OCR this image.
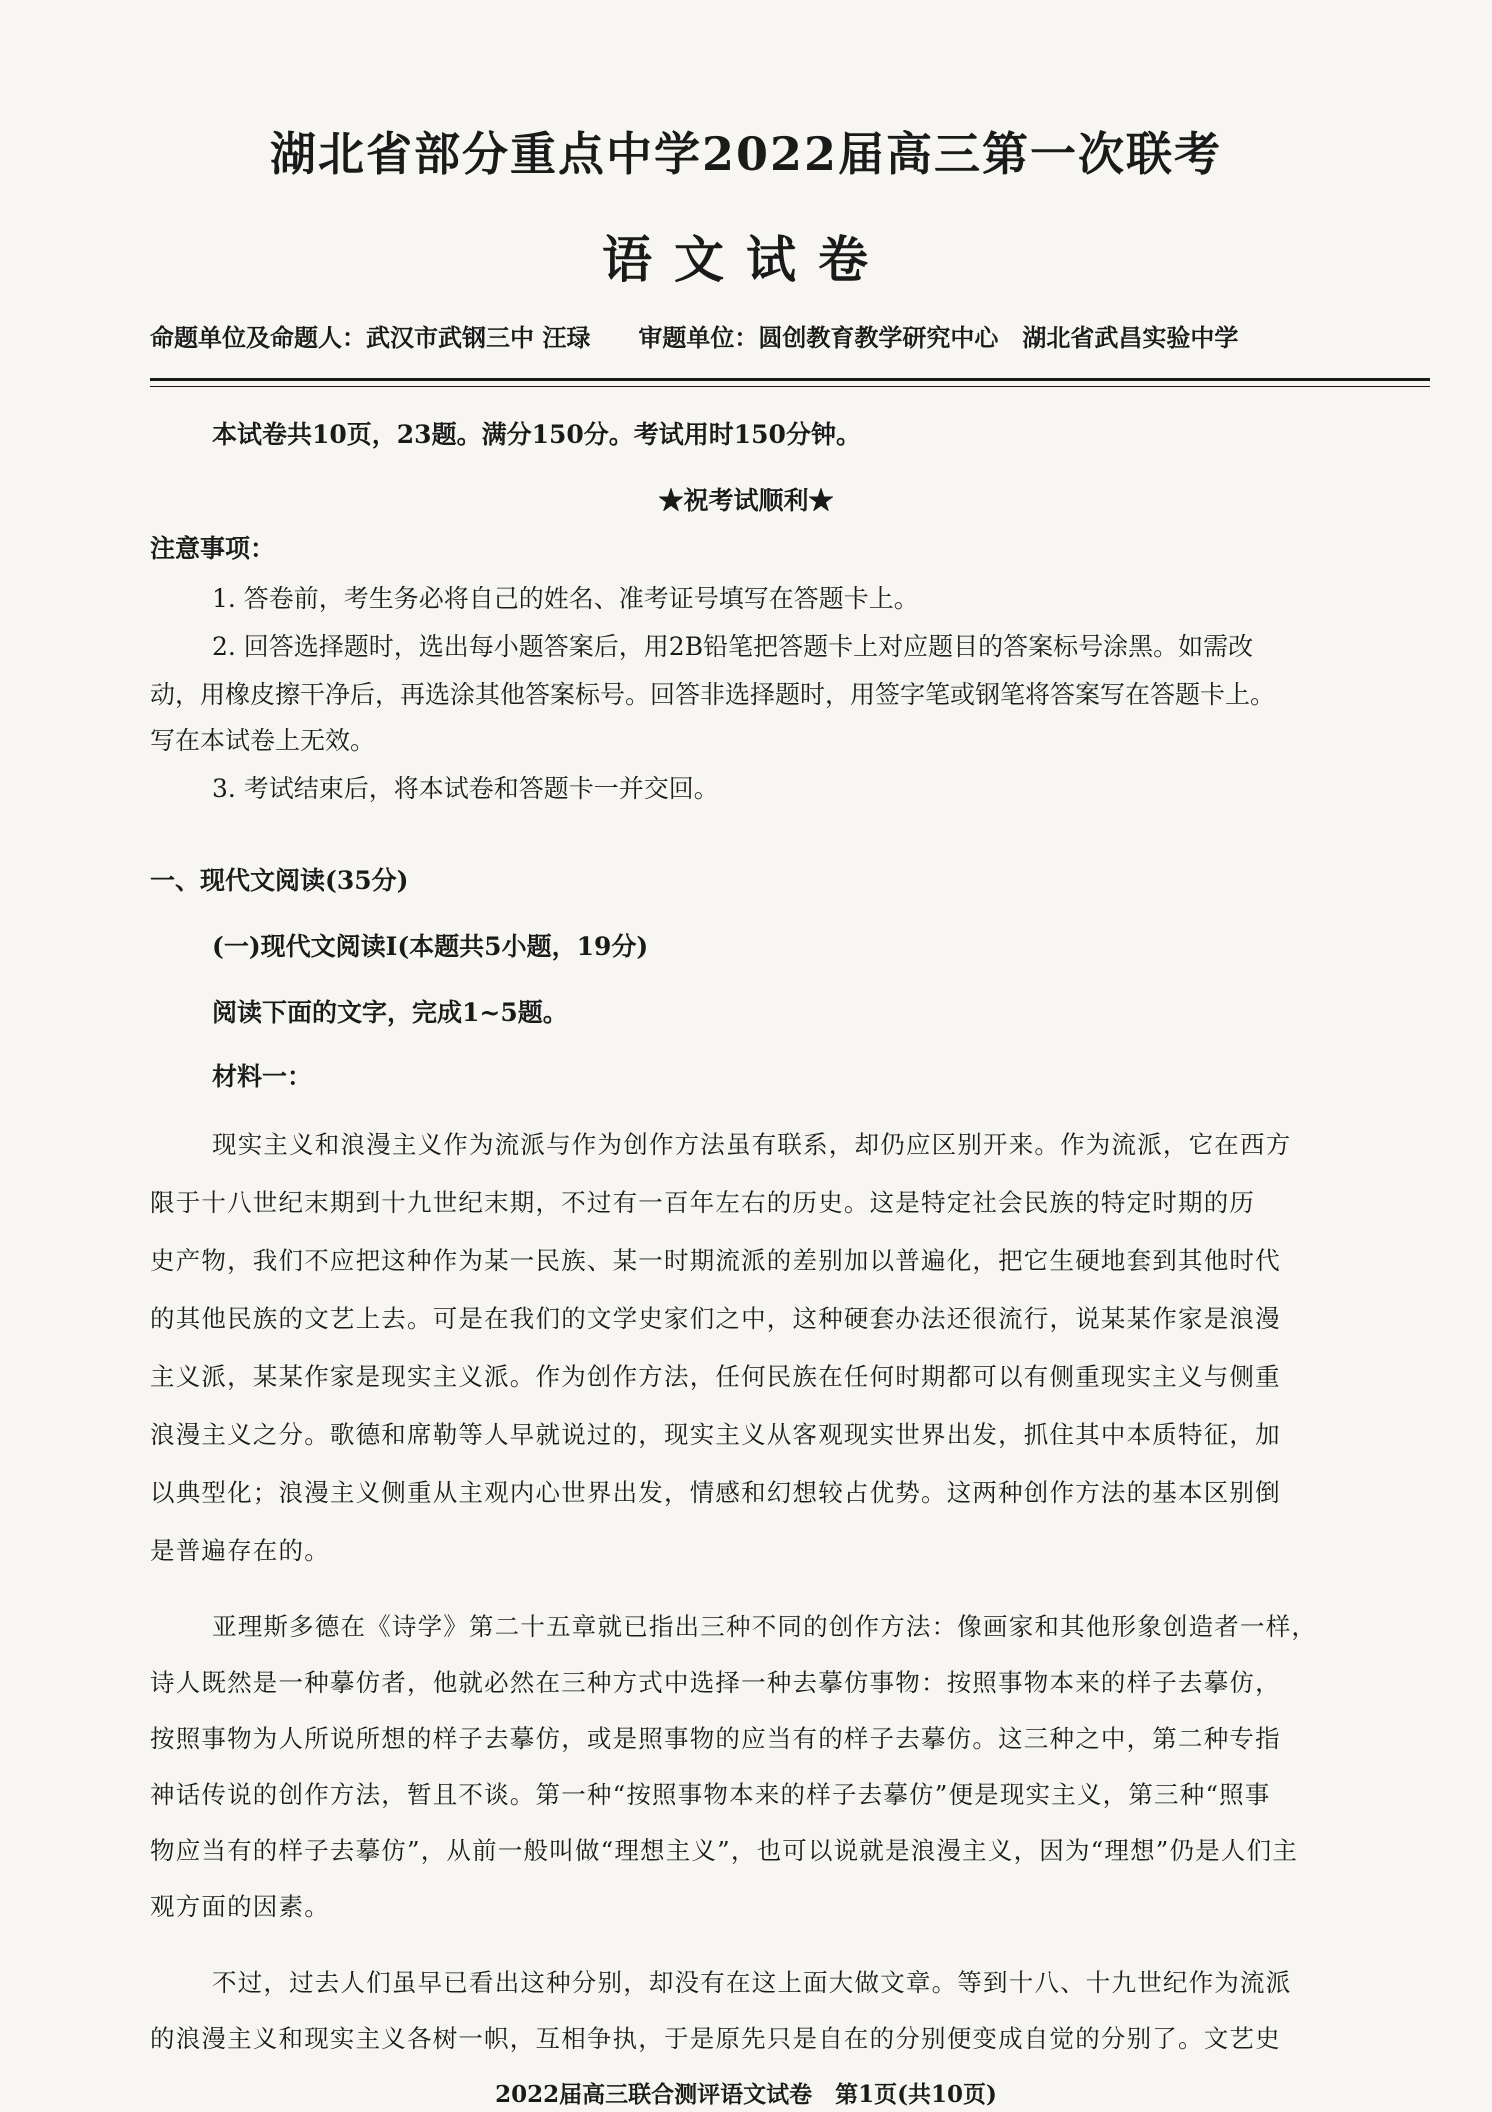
湖北省部分重点中学2022届高三第一次联考
语文试卷
命题单位及命题人：武汉市武钢三中 汪琭　　审题单位：圆创教育教学研究中心　湖北省武昌实验中学
本试卷共10页，23题。满分150分。考试用时150分钟。
★祝考试顺利★
注意事项：
1. 答卷前，考生务必将自己的姓名、准考证号填写在答题卡上。
2. 回答选择题时，选出每小题答案后，用2B铅笔把答题卡上对应题目的答案标号涂黑。如需改
动，用橡皮擦干净后，再选涂其他答案标号。回答非选择题时，用签字笔或钢笔将答案写在答题卡上。
写在本试卷上无效。
3. 考试结束后，将本试卷和答题卡一并交回。
一、现代文阅读(35分)
(一)现代文阅读Ⅰ(本题共5小题，19分)
阅读下面的文字，完成1~5题。
材料一：
现实主义和浪漫主义作为流派与作为创作方法虽有联系，却仍应区别开来。作为流派，它在西方
限于十八世纪末期到十九世纪末期，不过有一百年左右的历史。这是特定社会民族的特定时期的历
史产物，我们不应把这种作为某一民族、某一时期流派的差别加以普遍化，把它生硬地套到其他时代
的其他民族的文艺上去。可是在我们的文学史家们之中，这种硬套办法还很流行，说某某作家是浪漫
主义派，某某作家是现实主义派。作为创作方法，任何民族在任何时期都可以有侧重现实主义与侧重
浪漫主义之分。歌德和席勒等人早就说过的，现实主义从客观现实世界出发，抓住其中本质特征，加
以典型化；浪漫主义侧重从主观内心世界出发，情感和幻想较占优势。这两种创作方法的基本区别倒
是普遍存在的。
亚理斯多德在《诗学》第二十五章就已指出三种不同的创作方法：像画家和其他形象创造者一样，
诗人既然是一种摹仿者，他就必然在三种方式中选择一种去摹仿事物：按照事物本来的样子去摹仿，
按照事物为人所说所想的样子去摹仿，或是照事物的应当有的样子去摹仿。这三种之中，第二种专指
神话传说的创作方法，暂且不谈。第一种“按照事物本来的样子去摹仿”便是现实主义，第三种“照事
物应当有的样子去摹仿”，从前一般叫做“理想主义”，也可以说就是浪漫主义，因为“理想”仍是人们主
观方面的因素。
不过，过去人们虽早已看出这种分别，却没有在这上面大做文章。等到十八、十九世纪作为流派
的浪漫主义和现实主义各树一帜，互相争执，于是原先只是自在的分别便变成自觉的分别了。文艺史
2022届高三联合测评语文试卷　第1页(共10页)
